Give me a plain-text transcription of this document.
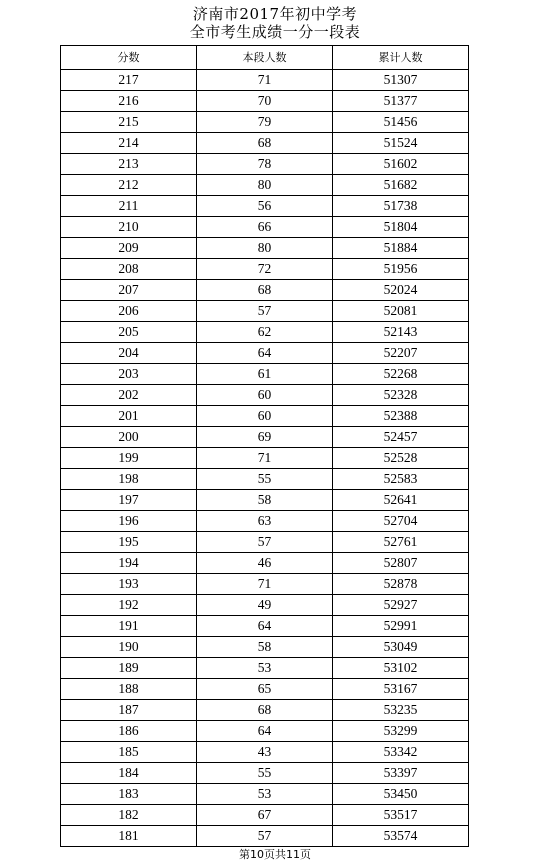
济南市2017年初中学考
全市考生成绩一分一段表
分数	本段人数	累计人数
217	71	51307
216	70	51377
215	79	51456
214	68	51524
213	78	51602
212	80	51682
211	56	51738
210	66	51804
209	80	51884
208	72	51956
207	68	52024
206	57	52081
205	62	52143
204	64	52207
203	61	52268
202	60	52328
201	60	52388
200	69	52457
199	71	52528
198	55	52583
197	58	52641
196	63	52704
195	57	52761
194	46	52807
193	71	52878
192	49	52927
191	64	52991
190	58	53049
189	53	53102
188	65	53167
187	68	53235
186	64	53299
185	43	53342
184	55	53397
183	53	53450
182	67	53517
181	57	53574
第10页共11页
